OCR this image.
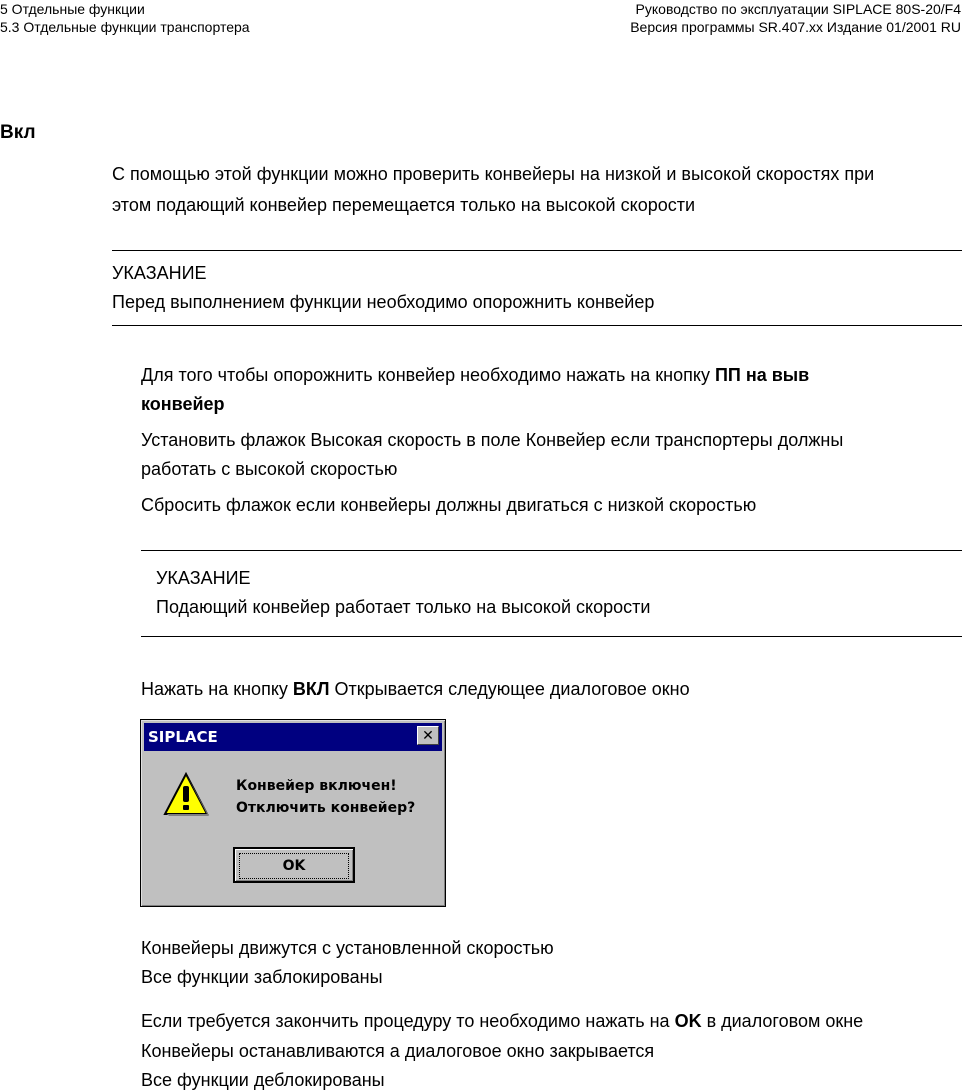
5 Отдельные функции
5.3 Отдельные функции транспортера
Руководство по эксплуатации SIPLACE 80S-20/F4
Версия программы SR.407.xx Издание 01/2001 RU
Вкл
С помощью этой функции можно проверить конвейеры на низкой и высокой скоростях при
этом подающий конвейер перемещается только на высокой скорости
УКАЗАНИЕ
Перед выполнением функции необходимо опорожнить конвейер
Для того чтобы опорожнить конвейер необходимо нажать на кнопку ПП на выв
конвейер
Установить флажок Высокая скорость в поле Конвейер если транспортеры должны
работать с высокой скоростью
Сбросить флажок если конвейеры должны двигаться с низкой скоростью
УКАЗАНИЕ
Подающий конвейер работает только на высокой скорости
Нажать на кнопку ВКЛ Открывается следующее диалоговое окно
SIPLACE	✕
Конвейер включен!
Отключить конвейер?
OK
Конвейеры движутся с установленной скоростью
Все функции заблокированы
Если требуется закончить процедуру то необходимо нажать на OK в диалоговом окне
Конвейеры останавливаются а диалоговое окно закрывается
Все функции деблокированы
